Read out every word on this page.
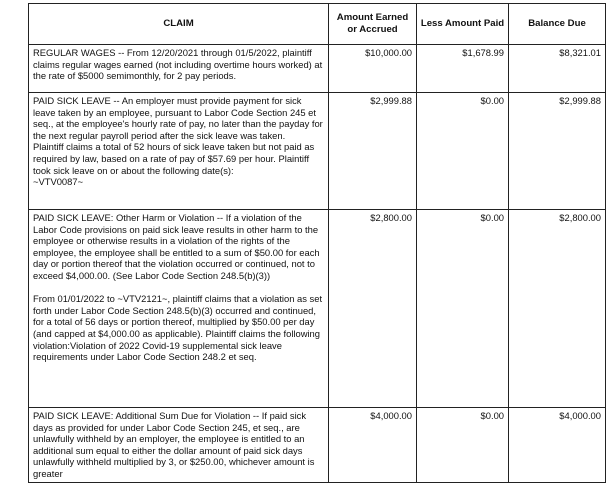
CLAIM	Amount Earned or Accrued	Less Amount Paid	Balance Due

REGULAR WAGES -- From 12/20/2021 through 01/5/2022, plaintiff claims regular wages earned (not including overtime hours worked) at the rate of $5000 semimonthly, for 2 pay periods.	$10,000.00	$1,678.99	$8,321.01

PAID SICK LEAVE -- An employer must provide payment for sick leave taken by an employee, pursuant to Labor Code Section 245 et seq., at the employee's hourly rate of pay, no later than the payday for the next regular payroll period after the sick leave was taken.

Plaintiff claims a total of 52 hours of sick leave taken but not paid as required by law, based on a rate of pay of $57.69 per hour. Plaintiff took sick leave on or about the following date(s):

~VTV0087~	$2,999.88	$0.00	$2,999.88

PAID SICK LEAVE: Other Harm or Violation -- If a violation of the Labor Code provisions on paid sick leave results in other harm to the employee or otherwise results in a violation of the rights of the employee, the employee shall be entitled to a sum of $50.00 for each day or portion thereof that the violation occurred or continued, not to exceed $4,000.00. (See Labor Code Section 248.5(b)(3))

From 01/01/2022 to ~VTV2121~, plaintiff claims that a violation as set forth under Labor Code Section 248.5(b)(3) occurred and continued, for a total of 56 days or portion thereof, multiplied by $50.00 per day (and capped at $4,000.00 as applicable). Plaintiff claims the following violation:Violation of 2022 Covid-19 supplemental sick leave requirements under Labor Code Section 248.2 et seq.	$2,800.00	$0.00	$2,800.00

PAID SICK LEAVE: Additional Sum Due for Violation -- If paid sick days as provided for under Labor Code Section 245, et seq., are unlawfully withheld by an employer, the employee is entitled to an additional sum equal to either the dollar amount of paid sick days unlawfully withheld multiplied by 3, or $250.00, whichever amount is greater	$4,000.00	$0.00	$4,000.00
